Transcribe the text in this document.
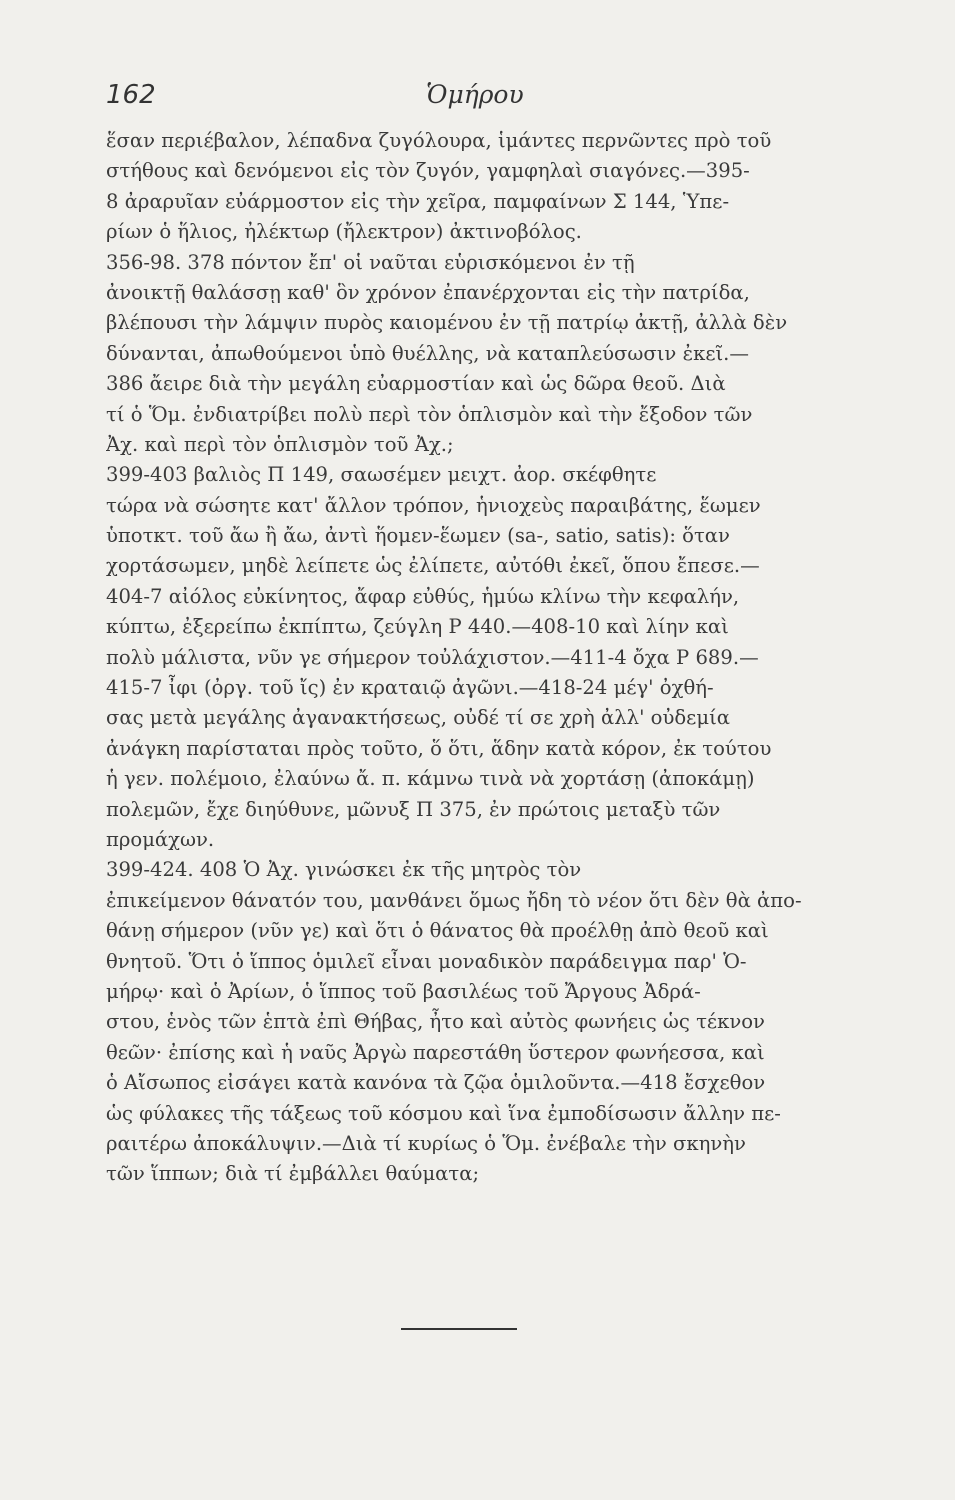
162	Ὁμήρου
ἕσαν περιέβαλον, λέπαδνα ζυγόλουρα, ἱμάντες περνῶντες πρὸ τοῦ
στήθους καὶ δενόμενοι εἰς τὸν ζυγόν, γαμφηλαὶ σιαγόνες.—395-
8 ἀραρυῖαν εὐάρμοστον εἰς τὴν χεῖρα, παμφαίνων Σ 144, Ὑπε-
ρίων ὁ ἥλιος, ἠλέκτωρ (ἤλεκτρον) ἀκτινοβόλος.
356-98. 378 πόντον ἔπ' οἱ ναῦται εὑρισκόμενοι ἐν τῇ
ἀνοικτῇ θαλάσσῃ καθ' ὃν χρόνον ἐπανέρχονται εἰς τὴν πατρίδα,
βλέπουσι τὴν λάμψιν πυρὸς καιομένου ἐν τῇ πατρίῳ ἀκτῇ, ἀλλὰ δὲν
δύνανται, ἀπωθούμενοι ὑπὸ θυέλλης, νὰ καταπλεύσωσιν ἐκεῖ.—
386 ἄειρε διὰ τὴν μεγάλη εὐαρμοστίαν καὶ ὡς δῶρα θεοῦ. Διὰ
τί ὁ Ὅμ. ἐνδιατρίβει πολὺ περὶ τὸν ὁπλισμὸν καὶ τὴν ἔξοδον τῶν
Ἀχ. καὶ περὶ τὸν ὁπλισμὸν τοῦ Ἀχ.;
399-403 βαλιὸς Π 149, σαωσέμεν μειχτ. ἀορ. σκέφθητε
τώρα νὰ σώσητε κατ' ἄλλον τρόπον, ἡνιοχεὺς παραιβάτης, ἕωμεν
ὑποτκτ. τοῦ ἄω ἢ ἄω, ἀντὶ ἥομεν-ἕωμεν (sa-, satio, satis): ὅταν
χορτάσωμεν, μηδὲ λείπετε ὡς ἐλίπετε, αὐτόθι ἐκεῖ, ὅπου ἔπεσε.—
404-7 αἰόλος εὐκίνητος, ἄφαρ εὐθύς, ἡμύω κλίνω τὴν κεφαλήν,
κύπτω, ἐξερείπω ἐκπίπτω, ζεύγλη Ρ 440.—408-10 καὶ λίην καὶ
πολὺ μάλιστα, νῦν γε σήμερον τοὐλάχιστον.—411-4 ὄχα Ρ 689.—
415-7 ἶφι (ὀργ. τοῦ ἴς) ἐν κραταιῷ ἀγῶνι.—418-24 μέγ' ὀχθή-
σας μετὰ μεγάλης ἀγανακτήσεως, οὐδέ τί σε χρὴ ἀλλ' οὐδεμία
ἀνάγκη παρίσταται πρὸς τοῦτο, ὅ ὅτι, ἅδην κατὰ κόρον, ἐκ τούτου
ἡ γεν. πολέμοιο, ἐλαύνω ἄ. π. κάμνω τινὰ νὰ χορτάσῃ (ἀποκάμῃ)
πολεμῶν, ἔχε διηύθυνε, μῶνυξ Π 375, ἐν πρώτοις μεταξὺ τῶν
προμάχων.
399-424. 408 Ὁ Ἀχ. γινώσκει ἐκ τῆς μητρὸς τὸν
ἐπικείμενον θάνατόν του, μανθάνει ὅμως ἤδη τὸ νέον ὅτι δὲν θὰ ἀπο-
θάνῃ σήμερον (νῦν γε) καὶ ὅτι ὁ θάνατος θὰ προέλθῃ ἀπὸ θεοῦ καὶ
θνητοῦ. Ὅτι ὁ ἵππος ὁμιλεῖ εἶναι μοναδικὸν παράδειγμα παρ' Ὁ-
μήρῳ· καὶ ὁ Ἀρίων, ὁ ἵππος τοῦ βασιλέως τοῦ Ἄργους Ἀδρά-
στου, ἑνὸς τῶν ἑπτὰ ἐπὶ Θήβας, ἦτο καὶ αὐτὸς φωνήεις ὡς τέκνον
θεῶν· ἐπίσης καὶ ἡ ναῦς Ἀργὼ παρεστάθη ὕστερον φωνήεσσα, καὶ
ὁ Αἴσωπος εἰσάγει κατὰ κανόνα τὰ ζῷα ὁμιλοῦντα.—418 ἔσχεθον
ὡς φύλακες τῆς τάξεως τοῦ κόσμου καὶ ἵνα ἐμποδίσωσιν ἄλλην πε-
ραιτέρω ἀποκάλυψιν.—Διὰ τί κυρίως ὁ Ὅμ. ἐνέβαλε τὴν σκηνὴν
τῶν ἵππων; διὰ τί ἐμβάλλει θαύματα;
